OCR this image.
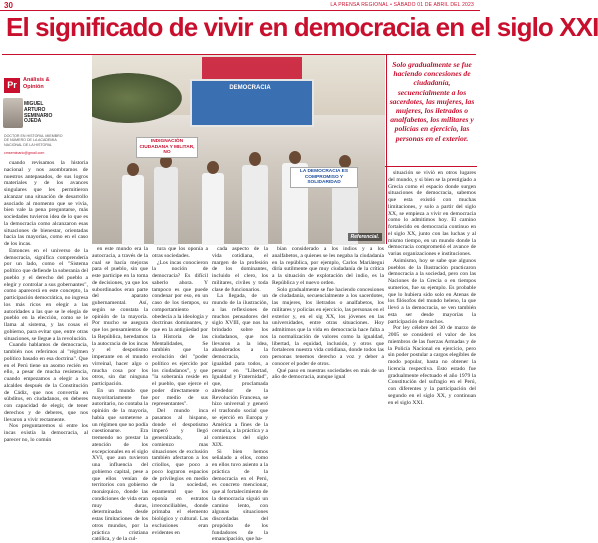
30	LA PRENSA REGIONAL • SÁBADO 01 DE ABRIL DEL 2023
El significado de vivir en democracia en el siglo XXI
Pr	Análisis & Opinión
MIGUEL ARTURO SEMINARIO OJEDA
DOCTOR EN HISTORIA. MIEMBRO DE NÚMERO DE LA ACADEMIA NACIONAL DE LA HISTORIA.
cmseminario@gmail.com

cuando revisamos la historia nacional y nos asombramos de nuestros antepasados, de sus logros materiales y de los avances singulares que les permitieron alcanzar una situación de desarrollo asociado al momento que se vivía, bien vale la pena preguntarse, más sociedades tuvieron idea de lo que es la democracia como alcanzaron esas situaciones de bienestar, orientadas hacia las mayorías, como en el caso de los incas.

Entonces en el universo de la democracia, significa comprendería por un lado, como el "Sistema político que defiende la soberanía del pueblo y el derecho del pueblo a elegir y controlar a sus gobernantes", como aparecerá en este concepto, la participación democrática, no ingresa los más ricos en elegir a las autoridades a las que se le elegía de pueblo en la elección, como se le llama al sistema, y las cosas el gobierno, para evitar que, entre otras situaciones, se llegue a la revolución.

Cuando hablamos de democracia, también nos referimos al "régimen político basado en esa doctrina". Que en el Perú tiene un asomo recién en ello, a pesar de mucha resistencia, cuando empezamos a elegir a los alcaldes después de la Constitución de Cádiz, que nos convertía en súbditos, en ciudadanos, en deberes con capacidad de elegir, de tener derechos y de deberes, que nos llevaron a vivir rectamente.

Nos preguntaremos si entre los incas existía la democracia, al parecer no, lo común

DEMOCRACIA
INDIGNACIÓN CIUDADANA Y MILITAR, NO
LA DEMOCRACIA ES COMPROMISO Y SOLIDARIDAD
Referencial.
Solo gradualmente se fue haciendo concesiones de ciudadanía, secuencialmente a los sacerdotes, las mujeres, las mujeres, los iletrados o analfabetos, los militares y policías en ejercicio, las personas en el exterior.

en este mundo era la autocracia, a través de la cual se hacía mejoras para el pueblo, sin que este participe en la toma de decisiones, ya que los subordinados eran parte del aparato gubernamental. Así, según se constata la opinión de la mayoría. Por mucho se asegura que los pensamientos de la República, heredamos la autocracia de los incas y el despotismo imperante en el mundo virreinal, hacer algo o mucha cosa por los otros, sin dar ninguna participación.

En un mundo que mayoritariamente fue autoritario, no contaba la opinión de la mayoría, había que someterse a un régimen que no podía cuestionarse. Era tremendo no prestar la atención de los excepcionales en el siglo XVI, que aun tuvieron una influencia del gobierno capital, pese a que ellos venían de territorios con gobierno monárquico, donde las condiciones de vida eran muy duras, determinadas desde estas limitaciones de los otros mundos, por la práctica cristiana católica, y de la cul-

tura que los oponía a otras sociedades.

¿Los incas conocieron la noción de democracia? Es difícil saberlo ahora. Y tampoco es que puede condenar por eso, en un caso de los tiempos, su comportamiento obedecía a la ideología y doctrinas dominantes, y que en la antigüedad por la Historia de las Mentalidades, Se también que la evolución del "poder político es ejercido por los ciudadanos", y que "la soberanía reside en el pueblo, que ejerce el poder directamente o por medio de sus representantes".

Del mundo inca pasamos al hispano, donde el despotismo imperó y llegó generalizado, al comienzo mas situaciones de exclusión también afectaron a los criollos, que poco a poco lograron espacios de privilegios en medio de la sociedad, estamental que los oponía en estratos irreconciliables, donde primaba el elemento biológico y cultural. Las exclusiones eran evidentes en

cada aspecto de la vida cotidiana, el margen de la profesión de los dominantes, incluido el clero, los militares, civiles y toda clase de funcionarios.

La llegada, de un mundo de la ilustración, a las reflexiones de muchos pensadores del siglo XVIII, que nos ha brindado sobre los ciudadanos, que nos llevaron a la idea, abanderados a la democracia, con igualdad para todos, a pensar en "Libertad, Igualdad y Fraternidad", que, proclamada alrededor de la Revolución Francesa, se hizo universal y generó el trasfondo social que se ejerció en Europa y América a fines de la centuria, a la práctica y a comienzos del siglo XIX.

Si bien hemos señalado a ellos, como en ellos tuvo asiento a la práctica de la democracia en el Perú, es concreto mencionar, que al fortalecimiento de la democracia siguió un camino lento, con algunas situaciones discordadas del propósito de los fundadores de la emancipación, que ha-

bían considerado a los indios y a los analfabetos, a quienes se les negaba la ciudadanía en la república, por ejemplo, Carlos Mariátegui diría sutilmente que muy ciudadanía de la crítica a la situación de explotación del indio, es la República y el nuevo orden.

Solo gradualmente se fue haciendo concesiones de ciudadanía, secuencialmente a los sacerdotes, las mujeres, los iletrados o analfabetos, los militares y policías en ejercicio, las personas en el exterior y, en el sig XX, los jóvenes en las universidades, entre otras situaciones. Hoy admitimos que la vida en democracia hace falta a la normalización de valores como la igualdad, libertad, la equidad, inclusión, y otros que fortalecen nuestra vida cotidiana, donde todos las personas tenemos derecho a voz y deber a conocer el poder de otros.

Qué paso en nuestras sociedades en más de un año de democracia, aunque igual

situación se viviό en otros lugares del mundo, y si bien se la prestigiado a Grecia como el espacio donde surgen situaciones de democracia, sabemos que esta existió con muchas limitaciones, y solo a partir del siglo XX, se empieza a vivir en democracia como lo admitimos hoy. El camino fortalecido en democracia continuo en el siglo XX, junto con las luchas y al mismo tiempo, en un mundo donde la democracia comprometió el avance de varias organizaciones e instituciones.

Asimismo, hoy se sabe que algunos pueblos de la Ilustración practicaron democracia a la sociedad, pero con las Naciones de la Grecia o en tiempos sumerios, fue su ejemplo. Es probable que lo hubiera sido solo en Atenas de los filósofos del mundo heleno, la que llevó a la democracia, se ven también esta ser desde mayorías la participación de muchos.

Por ley célebre del 30 de marzo de 2005 se consideró el valor de los miembros de las fuerzas Armadas y de la Policía Nacional en ejercicio, pero sin poder postular a cargos elegibles de modo popular, hasta no obtener la licencia respectiva. Esto estado fue gradualmente efectuado el año 1979 la Constitución del sufragio en el Perú, con diferentes y la participación del segundo en el siglo XX, y continuan en el siglo XXI.
